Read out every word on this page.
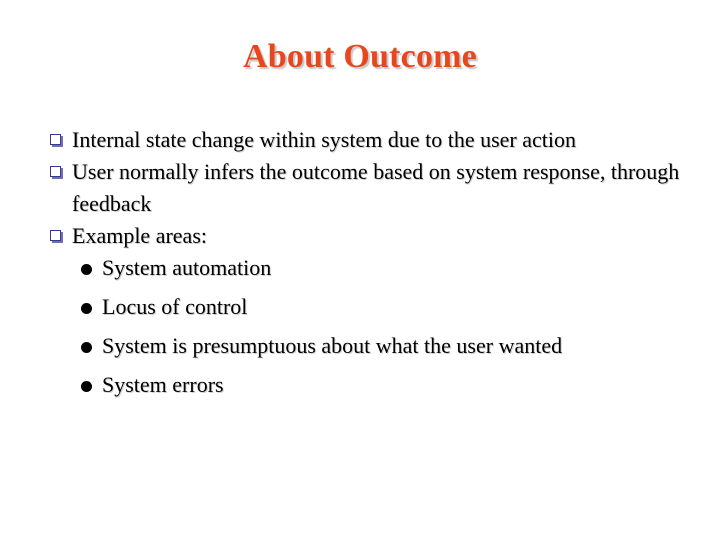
About Outcome
Internal state change within system due to the user action
User normally infers the outcome based on system response, through feedback
Example areas:
System automation
Locus of control
System is presumptuous about what the user wanted
System errors
